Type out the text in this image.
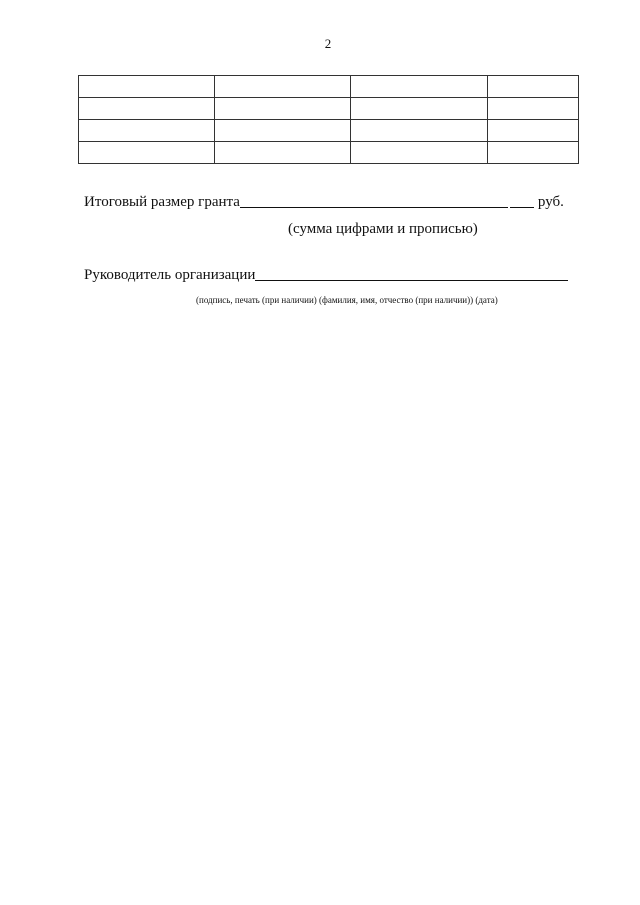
2

Итоговый размер гранта	руб.
(сумма цифрами и прописью)
Руководитель организации
(подпись, печать (при наличии) (фамилия, имя, отчество (при наличии)) (дата)
